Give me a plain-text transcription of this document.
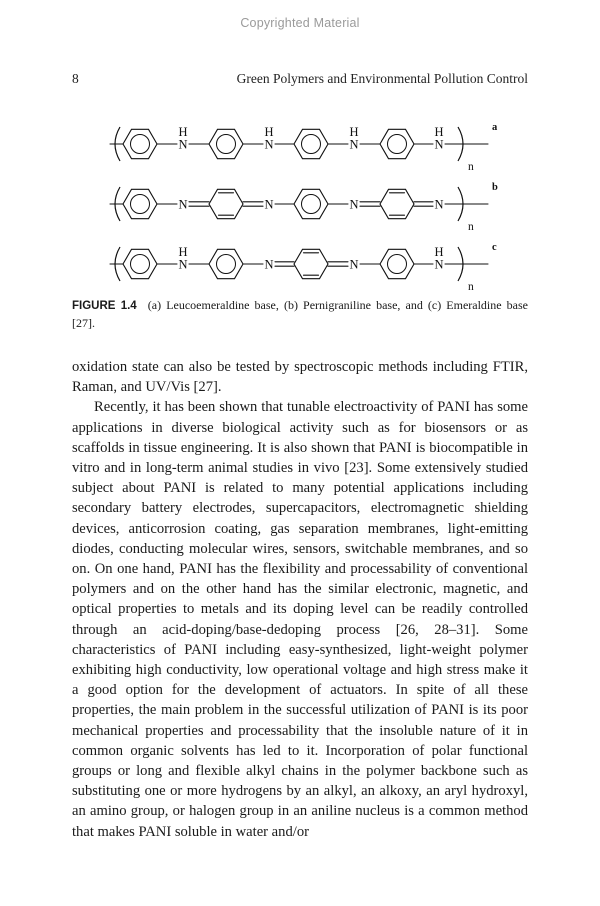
Copyrighted Material
8	Green Polymers and Environmental Pollution Control
N
H
N
H
N
H
N
H
n
a
N	N	N	N
n
b
N
H
N	N	N
H
n
c
FIGURE 1.4 (a) Leucoemeraldine base, (b) Pernigraniline base, and (c) Emeraldine base [27].

oxidation state can also be tested by spectroscopic methods including FTIR, Raman, and UV/Vis [27].

Recently, it has been shown that tunable electroactivity of PANI has some applications in diverse biological activity such as for biosensors or as scaffolds in tissue engineering. It is also shown that PANI is biocompatible in vitro and in long-term animal studies in vivo [23]. Some extensively studied subject about PANI is related to many potential applications including secondary battery electrodes, supercapacitors, electromagnetic shielding devices, anticorrosion coating, gas separation membranes, light-emitting diodes, conducting molecular wires, sensors, switchable membranes, and so on. On one hand, PANI has the flexibility and processability of conventional polymers and on the other hand has the similar electronic, magnetic, and optical properties to metals and its doping level can be readily controlled through an acid-doping/base-dedoping process [26, 28–31]. Some characteristics of PANI including easy-synthesized, light-weight polymer exhibiting high conductivity, low operational voltage and high stress make it a good option for the development of actuators. In spite of all these properties, the main problem in the successful utilization of PANI is its poor mechanical properties and processability that the insoluble nature of it in common organic solvents has led to it. Incorporation of polar functional groups or long and flexible alkyl chains in the polymer backbone such as substituting one or more hydrogens by an alkyl, an alkoxy, an aryl hydroxyl, an amino group, or halogen group in an aniline nucleus is a common method that makes PANI soluble in water and/or
